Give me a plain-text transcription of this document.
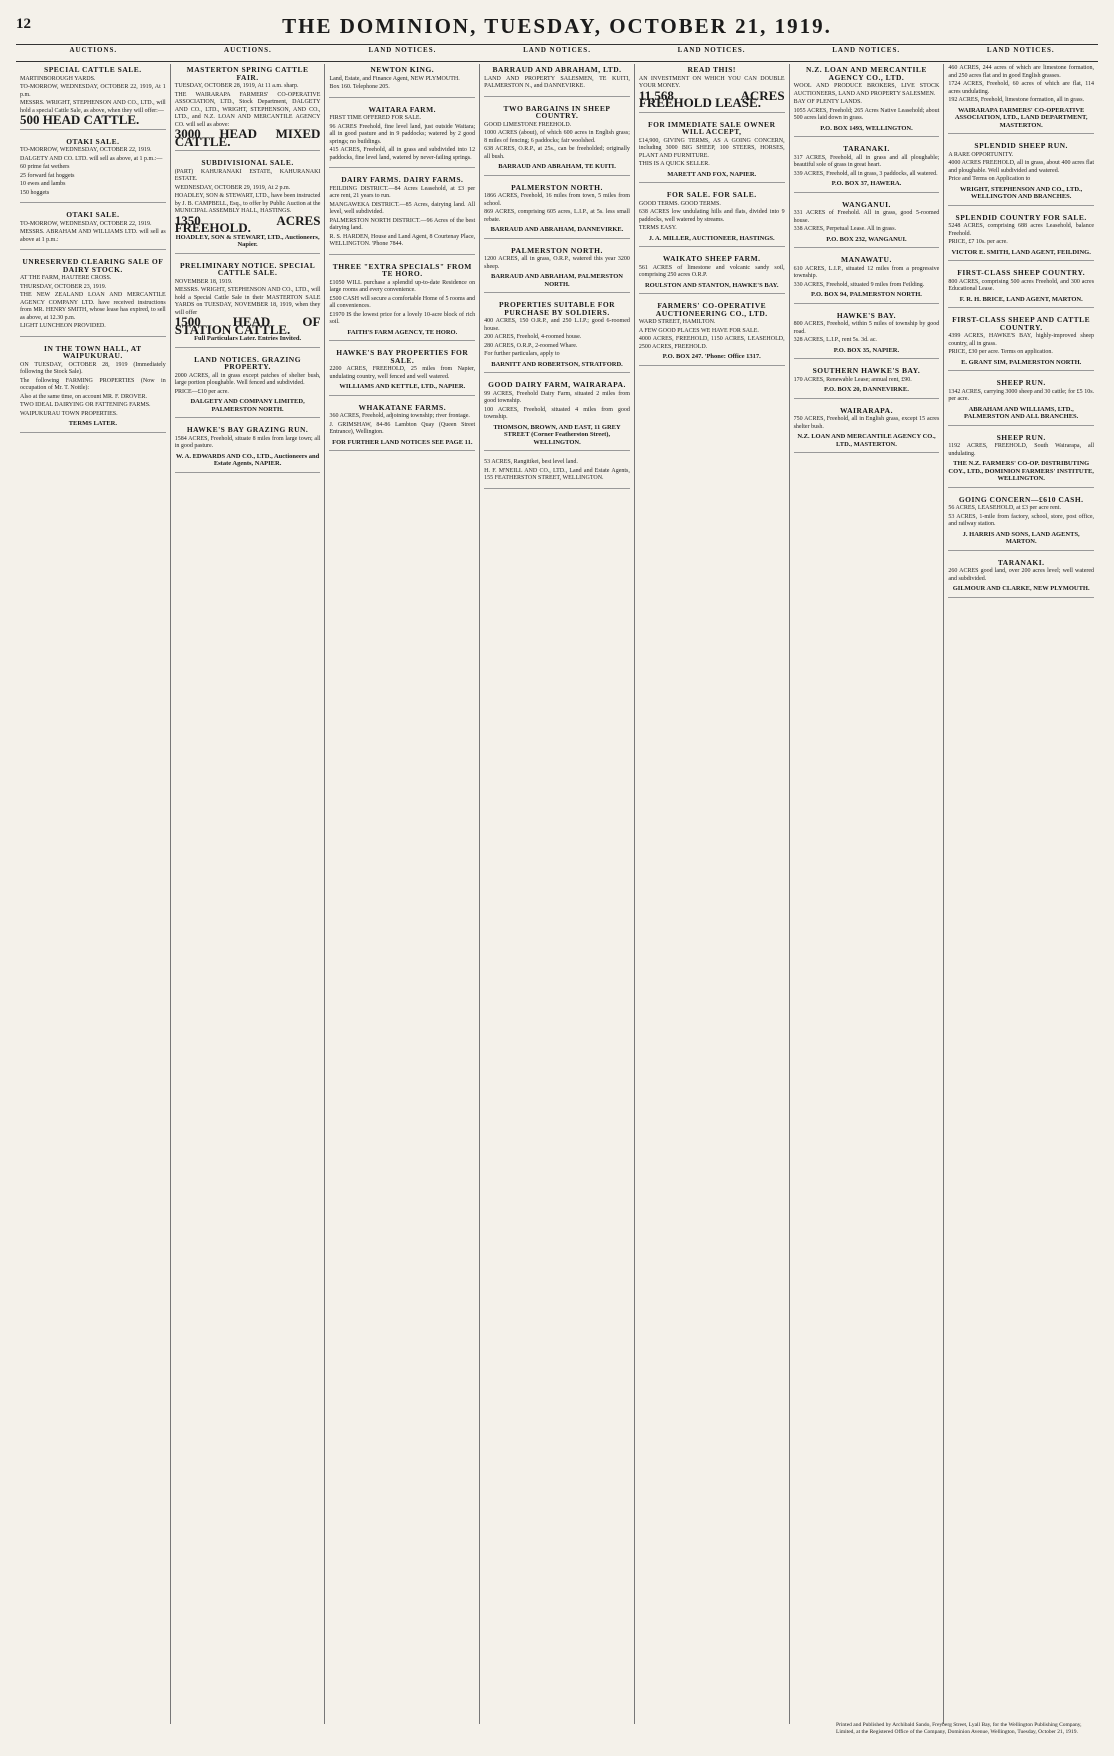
12	THE DOMINION, TUESDAY, OCTOBER 21, 1919.
AUCTIONS.	AUCTIONS.	LAND NOTICES.	LAND NOTICES.	LAND NOTICES.	LAND NOTICES.	LAND NOTICES.
SPECIAL CATTLE SALE.

MARTINBOROUGH YARDS.

TO-MORROW, WEDNESDAY, OCTOBER 22, 1919, At 1 p.m.

MESSRS. WRIGHT, STEPHENSON AND CO., LTD., will hold a special Cattle Sale, as above, when they will offer:—

500 HEAD CATTLE.

OTAKI SALE.

TO-MORROW, WEDNESDAY, OCTOBER 22, 1919.

DALGETY AND CO. LTD. will sell as above, at 1 p.m.:—

60 prime fat wethers

25 forward fat hoggets

10 ewes and lambs

150 hoggets

OTAKI SALE.

TO-MORROW, WEDNESDAY, OCTOBER 22, 1919.

MESSRS. ABRAHAM AND WILLIAMS LTD. will sell as above at 1 p.m.:

UNRESERVED CLEARING SALE OF DAIRY STOCK.

AT THE FARM, HAUTERE CROSS.

THURSDAY, OCTOBER 23, 1919.

THE NEW ZEALAND LOAN AND MERCANTILE AGENCY COMPANY LTD. have received instructions from MR. HENRY SMITH, whose lease has expired, to sell as above, at 12.30 p.m.

LIGHT LUNCHEON PROVIDED.

IN THE TOWN HALL, AT WAIPUKURAU.

ON TUESDAY, OCTOBER 28, 1919 (Immediately following the Stock Sale).

The following FARMING PROPERTIES (Now in occupation of Mr. T. Nottle):

Also at the same time, on account MR. F. DROVER.

TWO IDEAL DAIRYING OR FATTENING FARMS.

WAIPUKURAU TOWN PROPERTIES.

TERMS LATER.
MASTERTON SPRING CATTLE FAIR.

TUESDAY, OCTOBER 28, 1919, At 11 a.m. sharp.

THE WAIRARAPA FARMERS' CO-OPERATIVE ASSOCIATION, LTD., Stock Department, DALGETY AND CO., LTD., WRIGHT, STEPHENSON, AND CO., LTD., and N.Z. LOAN AND MERCANTILE AGENCY CO. will sell as above:

3000 HEAD MIXED CATTLE.

SUBDIVISIONAL SALE.

(PART) KAHURANAKI ESTATE, KAHURANAKI ESTATE.

WEDNESDAY, OCTOBER 29, 1919, At 2 p.m.

HOADLEY, SON & STEWART, LTD., have been instructed by J. B. CAMPBELL, Esq., to offer by Public Auction at the MUNICIPAL ASSEMBLY HALL, HASTINGS.

1350 ACRES FREEHOLD.

HOADLEY, SON & STEWART, LTD., Auctioneers, Napier.
PRELIMINARY NOTICE. SPECIAL CATTLE SALE.

NOVEMBER 18, 1919.

MESSRS. WRIGHT, STEPHENSON AND CO., LTD., will hold a Special Cattle Sale in their MASTERTON SALE YARDS on TUESDAY, NOVEMBER 18, 1919, when they will offer

1500 HEAD OF STATION CATTLE.

Full Particulars Later. Entries Invited.
LAND NOTICES. GRAZING PROPERTY.

2000 ACRES, all in grass except patches of shelter bush, large portion ploughable. Well fenced and subdivided.

PRICE—£10 per acre.

DALGETY AND COMPANY LIMITED, PALMERSTON NORTH.
HAWKE'S BAY GRAZING RUN.

1584 ACRES, Freehold, situate 8 miles from large town; all in good pasture.

W. A. EDWARDS AND CO., LTD., Auctioneers and Estate Agents, NAPIER.
NEWTON KING.

Land, Estate, and Finance Agent, NEW PLYMOUTH.

Box 160. Telephone 205.

WAITARA FARM.

FIRST TIME OFFERED FOR SALE.

96 ACRES Freehold, fine level land, just outside Waitara; all in good pasture and in 9 paddocks; watered by 2 good springs; no buildings.

415 ACRES, Freehold, all in grass and subdivided into 12 paddocks, fine level land, watered by never-failing springs.

DAIRY FARMS. DAIRY FARMS.

FEILDING DISTRICT.—84 Acres Leasehold, at £3 per acre rent, 21 years to run.

MANGAWEKA DISTRICT.—85 Acres, dairying land. All level, well subdivided.

PALMERSTON NORTH DISTRICT.—96 Acres of the best dairying land.

R. S. HARDEN, House and Land Agent, 8 Courtenay Place, WELLINGTON. 'Phone 7844.

THREE "EXTRA SPECIALS" FROM TE HORO.

£1050 WILL purchase a splendid up-to-date Residence on large rooms and every convenience.

£500 CASH will secure a comfortable Home of 5 rooms and all conveniences.

£1970 IS the lowest price for a lovely 10-acre block of rich soil.

FAITH'S FARM AGENCY, TE HORO.
HAWKE'S BAY PROPERTIES FOR SALE.

2200 ACRES, FREEHOLD, 25 miles from Napier, undulating country, well fenced and well watered.

WILLIAMS AND KETTLE, LTD., NAPIER.
WHAKATANE FARMS.

360 ACRES, Freehold, adjoining township; river frontage.

J. GRIMSHAW, 84-86 Lambton Quay (Queen Street Entrance), Wellington.

FOR FURTHER LAND NOTICES SEE PAGE 11.
BARRAUD AND ABRAHAM, LTD.

LAND AND PROPERTY SALESMEN, TE KUITI, PALMERSTON N., and DANNEVIRKE.

TWO BARGAINS IN SHEEP COUNTRY.

GOOD LIMESTONE FREEHOLD.

1000 ACRES (about), of which 600 acres in English grass; 8 miles of fencing; 6 paddocks; fair woolshed.

638 ACRES, O.R.P., at 25s., can be freeholded; originally all bush.

BARRAUD AND ABRAHAM, TE KUITI.
PALMERSTON NORTH.

1866 ACRES, Freehold, 16 miles from town, 5 miles from school.

869 ACRES, comprising 605 acres, L.I.P., at 5s. less small rebate.

BARRAUD AND ABRAHAM, DANNEVIRKE.
PALMERSTON NORTH.

1200 ACRES, all in grass, O.R.P., watered this year 3200 sheep.

BARRAUD AND ABRAHAM, PALMERSTON NORTH.
PROPERTIES SUITABLE FOR PURCHASE BY SOLDIERS.

400 ACRES, 150 O.R.P., and 250 L.I.P.; good 6-roomed house.

200 ACRES, Freehold, 4-roomed house.

280 ACRES, O.R.P., 2-roomed Whare.

For further particulars, apply to

BARNITT AND ROBERTSON, STRATFORD.
GOOD DAIRY FARM, WAIRARAPA.

99 ACRES, Freehold Dairy Farm, situated 2 miles from good township.

100 ACRES, Freehold, situated 4 miles from good township.

THOMSON, BROWN, AND EAST, 11 GREY STREET (Corner Featherston Street), WELLINGTON.

53 ACRES, Rangitikei, best level land.

H. F. M'NEILL AND CO., LTD., Land and Estate Agents, 155 FEATHERSTON STREET, WELLINGTON.

READ THIS!

AN INVESTMENT ON WHICH YOU CAN DOUBLE YOUR MONEY.

11,568 ACRES FREEHOLD LEASE.

FOR IMMEDIATE SALE OWNER WILL ACCEPT,

£14,900, GIVING TERMS, AS A GOING CONCERN, including 3000 BIG SHEEP, 100 STEERS, HORSES, PLANT AND FURNITURE.

THIS IS A QUICK SELLER.

MARETT AND FOX, NAPIER.
FOR SALE. FOR SALE.

GOOD TERMS. GOOD TERMS.

638 ACRES low undulating hills and flats, divided into 9 paddocks, well watered by streams.

TERMS EASY.

J. A. MILLER, AUCTIONEER, HASTINGS.
WAIKATO SHEEP FARM.

561 ACRES of limestone and volcanic sandy soil, comprising 250 acres O.R.P.

ROULSTON AND STANTON, HAWKE'S BAY.
FARMERS' CO-OPERATIVE AUCTIONEERING CO., LTD.

WARD STREET, HAMILTON.

A FEW GOOD PLACES WE HAVE FOR SALE.

4000 ACRES, FREEHOLD, 1150 ACRES, LEASEHOLD, 2500 ACRES, FREEHOLD.

P.O. BOX 247. 'Phone: Office 1317.
N.Z. LOAN AND MERCANTILE AGENCY CO., LTD.

WOOL AND PRODUCE BROKERS, LIVE STOCK AUCTIONEERS, LAND AND PROPERTY SALESMEN.

BAY OF PLENTY LANDS.

1055 ACRES, Freehold; 265 Acres Native Leasehold; about 500 acres laid down in grass.

P.O. BOX 1493, WELLINGTON.
TARANAKI.

317 ACRES, Freehold, all in grass and all ploughable; beautiful sole of grass in great heart.

339 ACRES, Freehold, all in grass, 3 paddocks, all watered.

P.O. BOX 37, HAWERA.
WANGANUI.

331 ACRES of Freehold. All in grass, good 5-roomed house.

338 ACRES, Perpetual Lease. All in grass.

P.O. BOX 232, WANGANUI.
MANAWATU.

610 ACRES, L.I.P., situated 12 miles from a progressive township.

330 ACRES, Freehold, situated 9 miles from Feilding.

P.O. BOX 94, PALMERSTON NORTH.
HAWKE'S BAY.

800 ACRES, Freehold, within 5 miles of township by good road.

328 ACRES, L.I.P., rent 5s. 3d. ac.

P.O. BOX 35, NAPIER.
SOUTHERN HAWKE'S BAY.

170 ACRES, Renewable Lease; annual rent, £90.

P.O. BOX 20, DANNEVIRKE.
WAIRARAPA.

750 ACRES, Freehold, all in English grass, except 15 acres shelter bush.

N.Z. LOAN AND MERCANTILE AGENCY CO., LTD., MASTERTON.

460 ACRES, 244 acres of which are limestone formation, and 250 acres flat and in good English grasses.

1724 ACRES, Freehold, 60 acres of which are flat, 114 acres undulating.

192 ACRES, Freehold, limestone formation, all in grass.

WAIRARAPA FARMERS' CO-OPERATIVE ASSOCIATION, LTD., LAND DEPARTMENT, MASTERTON.
SPLENDID SHEEP RUN.

A RARE OPPORTUNITY.

4000 ACRES FREEHOLD, all in grass, about 400 acres flat and ploughable. Well subdivided and watered.

Price and Terms on Application to

WRIGHT, STEPHENSON AND CO., LTD., WELLINGTON AND BRANCHES.
SPLENDID COUNTRY FOR SALE.

5248 ACRES, comprising 688 acres Leasehold, balance Freehold.

PRICE, £7 10s. per acre.

VICTOR E. SMITH, LAND AGENT, FEILDING.
FIRST-CLASS SHEEP COUNTRY.

800 ACRES, comprising 500 acres Freehold, and 300 acres Educational Lease.

F. R. H. BRICE, LAND AGENT, MARTON.
FIRST-CLASS SHEEP AND CATTLE COUNTRY.

4399 ACRES, HAWKE'S BAY, highly-improved sheep country, all in grass.

PRICE, £30 per acre. Terms on application.

E. GRANT SIM, PALMERSTON NORTH.
SHEEP RUN.

1342 ACRES, carrying 3000 sheep and 30 cattle; for £5 10s. per acre.

ABRAHAM AND WILLIAMS, LTD., PALMERSTON AND ALL BRANCHES.
SHEEP RUN.

1192 ACRES, FREEHOLD, South Wairarapa, all undulating.

THE N.Z. FARMERS' CO-OP. DISTRIBUTING COY., LTD., DOMINION FARMERS' INSTITUTE, WELLINGTON.
GOING CONCERN—£610 CASH.

56 ACRES, LEASEHOLD, at £3 per acre rent.

53 ACRES, 1-mile from factory, school, store, post office, and railway station.

J. HARRIS AND SONS, LAND AGENTS, MARTON.
TARANAKI.

260 ACRES good land, over 200 acres level; well watered and subdivided.

GILMOUR AND CLARKE, NEW PLYMOUTH.
Printed and Published by Archibald Sando, Freyberg Street, Lyall Bay, for the Wellington Publishing Company, Limited, at the Registered Office of the Company, Dominion Avenue, Wellington, Tuesday, October 21, 1919.
